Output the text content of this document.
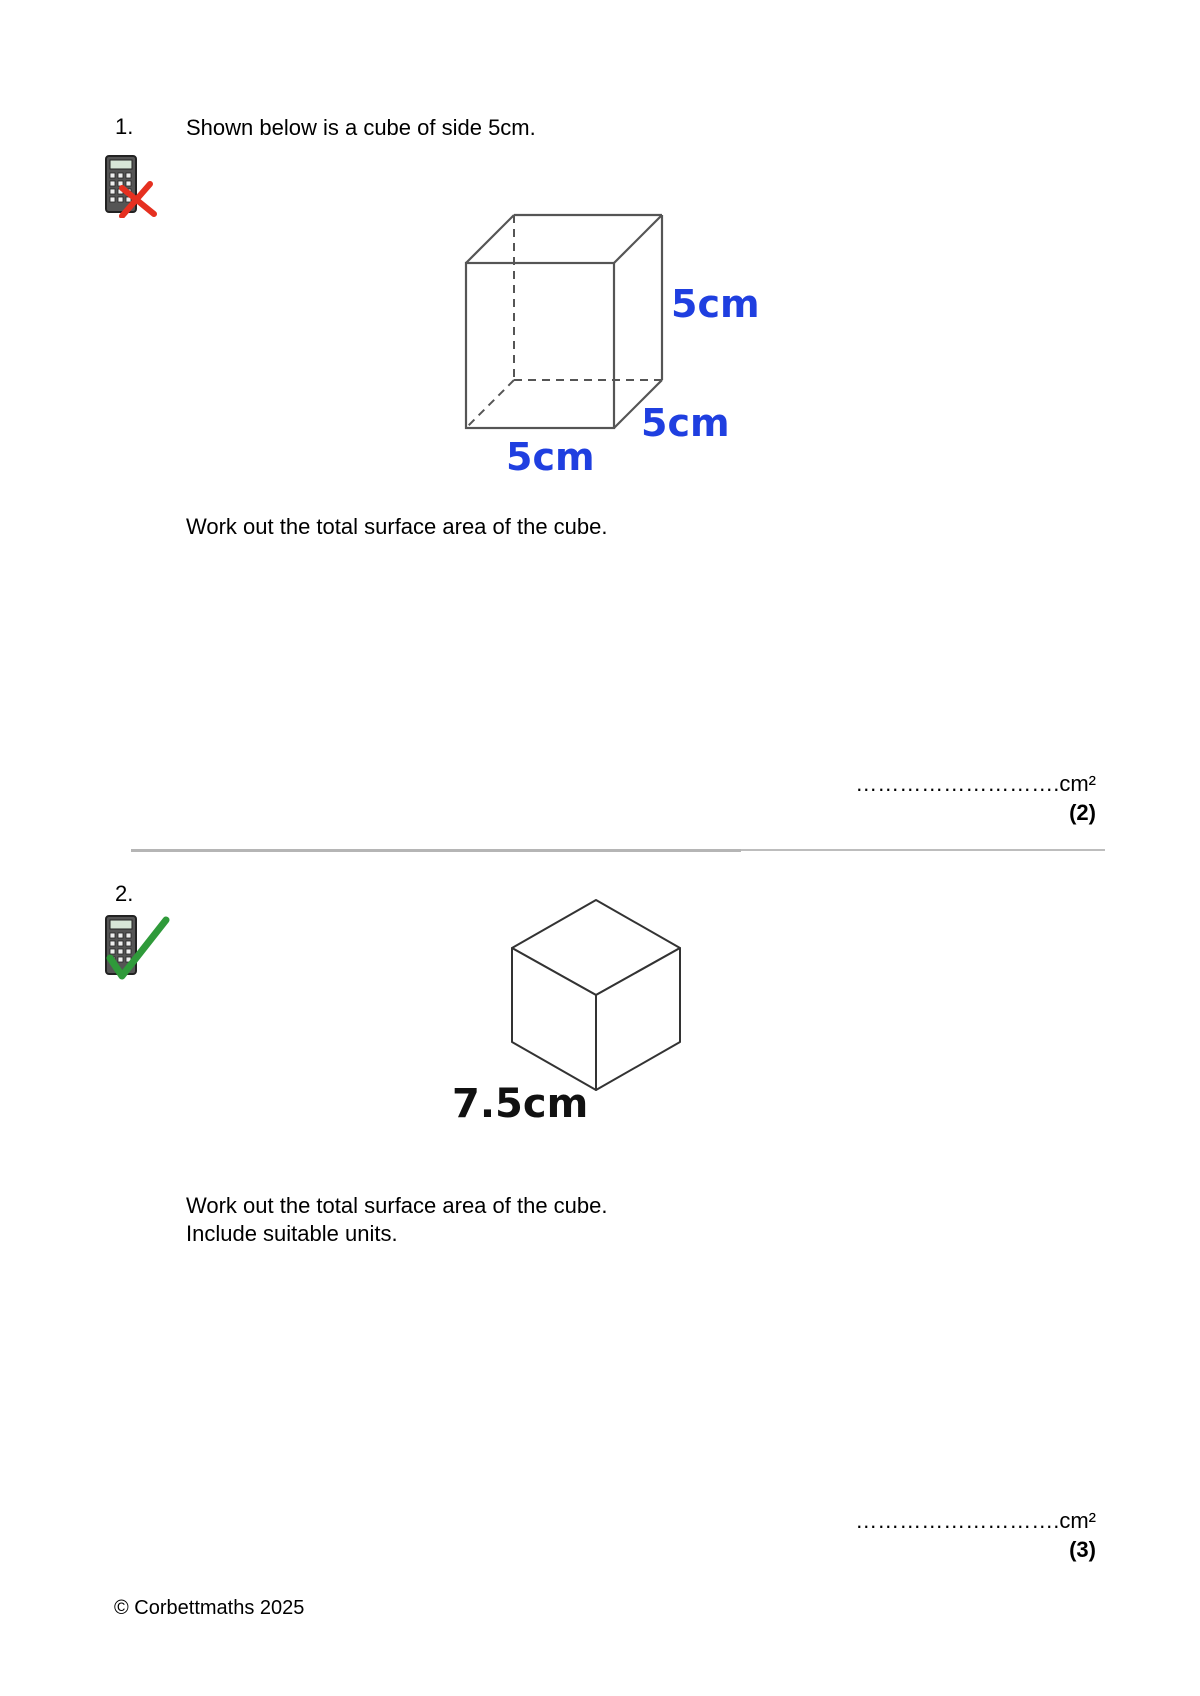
1. Shown below is a cube of side 5cm.
5cm
5cm
5cm
Work out the total surface area of the cube.
……………………….cm²
(2)
2.
7.5cm
Work out the total surface area of the cube.
Include suitable units.
……………………….cm²
(3)
© Corbettmaths 2025
